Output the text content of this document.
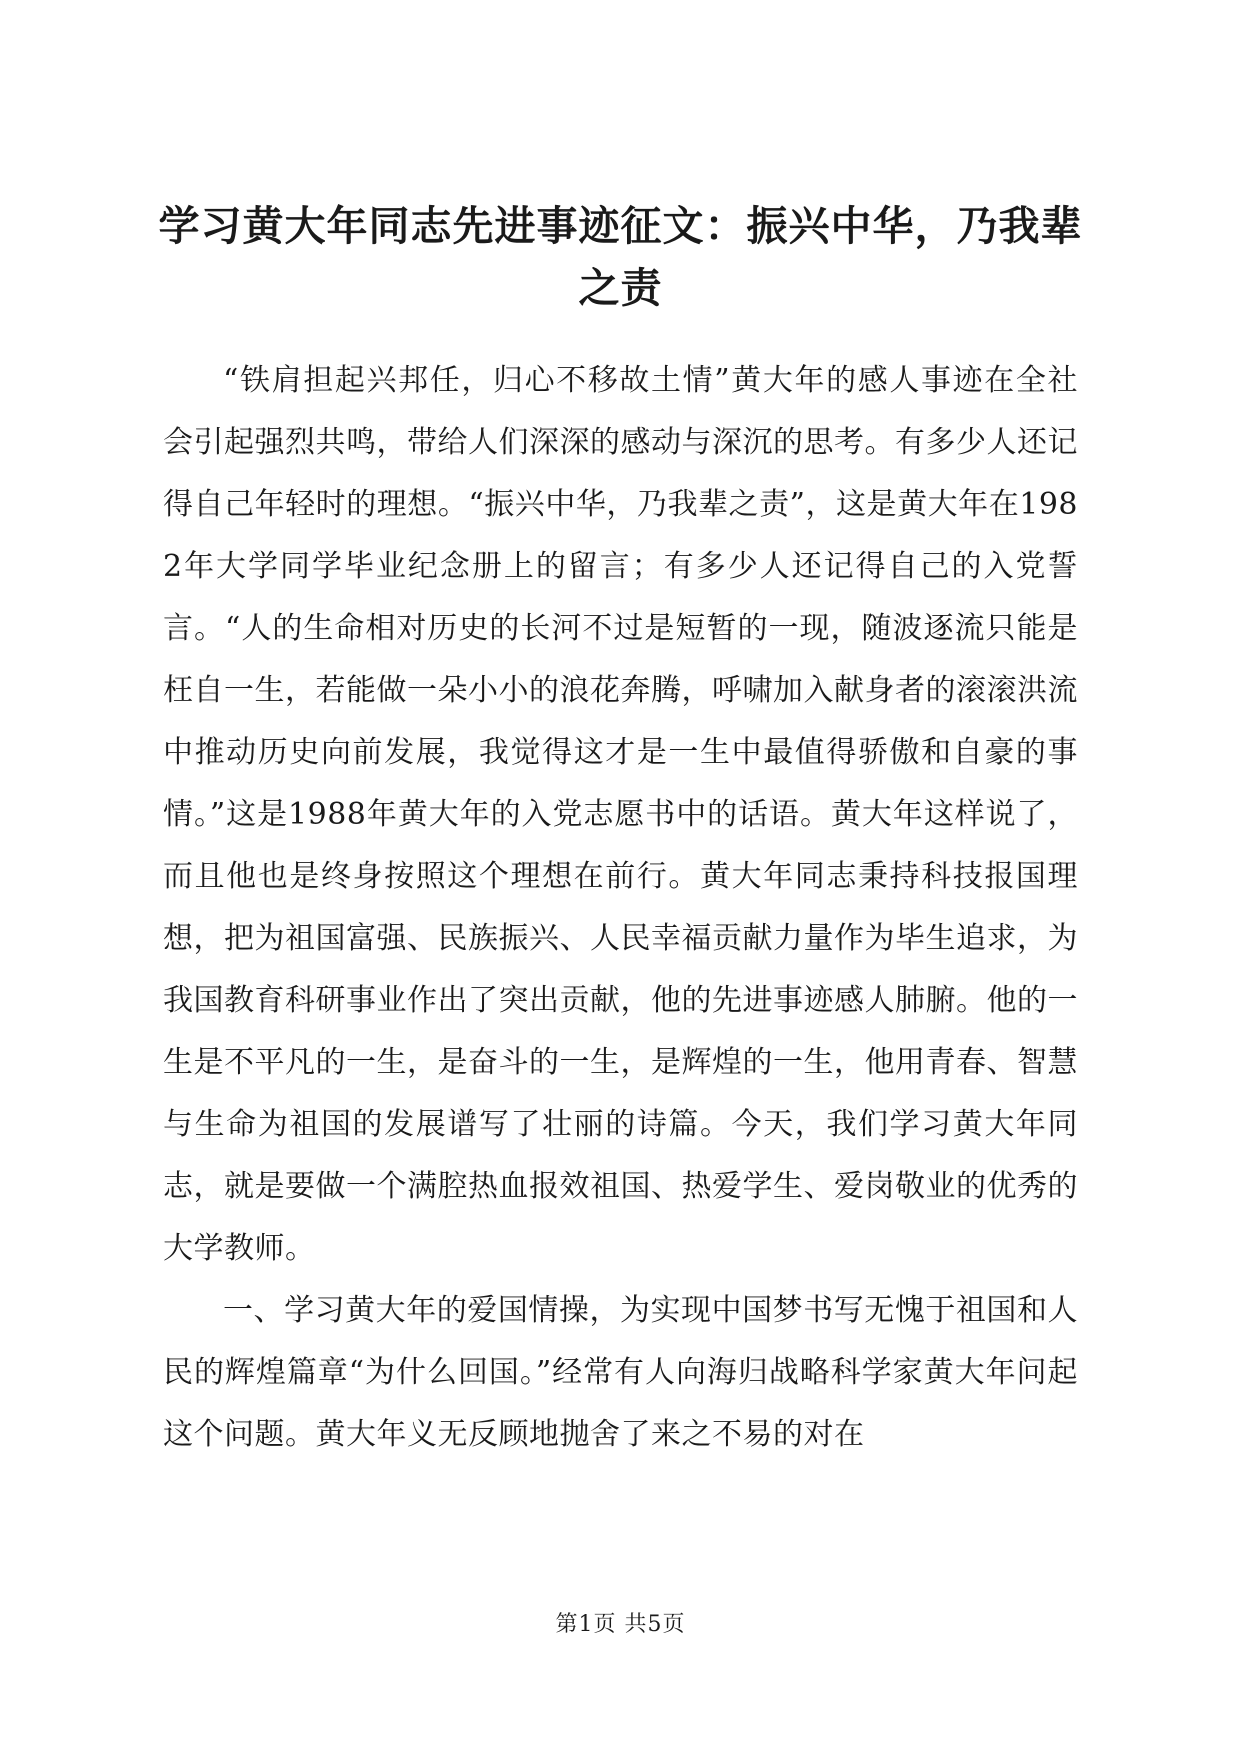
学习黄大年同志先进事迹征文：振兴中华，乃我辈之责

“铁肩担起兴邦任，归心不移故土情”黄大年的感人事迹在全社会引起强烈共鸣，带给人们深深的感动与深沉的思考。有多少人还记得自己年轻时的理想。“振兴中华，乃我辈之责”，这是黄大年在1982年大学同学毕业纪念册上的留言；有多少人还记得自己的入党誓言。“人的生命相对历史的长河不过是短暂的一现，随波逐流只能是枉自一生，若能做一朵小小的浪花奔腾，呼啸加入献身者的滚滚洪流中推动历史向前发展，我觉得这才是一生中最值得骄傲和自豪的事情。”这是1988年黄大年的入党志愿书中的话语。黄大年这样说了，而且他也是终身按照这个理想在前行。黄大年同志秉持科技报国理想，把为祖国富强、民族振兴、人民幸福贡献力量作为毕生追求，为我国教育科研事业作出了突出贡献，他的先进事迹感人肺腑。他的一生是不平凡的一生，是奋斗的一生，是辉煌的一生，他用青春、智慧与生命为祖国的发展谱写了壮丽的诗篇。今天，我们学习黄大年同志，就是要做一个满腔热血报效祖国、热爱学生、爱岗敬业的优秀的大学教师。

一、学习黄大年的爱国情操，为实现中国梦书写无愧于祖国和人民的辉煌篇章“为什么回国。”经常有人向海归战略科学家黄大年问起这个问题。黄大年义无反顾地抛舍了来之不易的对在

第1页 共5页
